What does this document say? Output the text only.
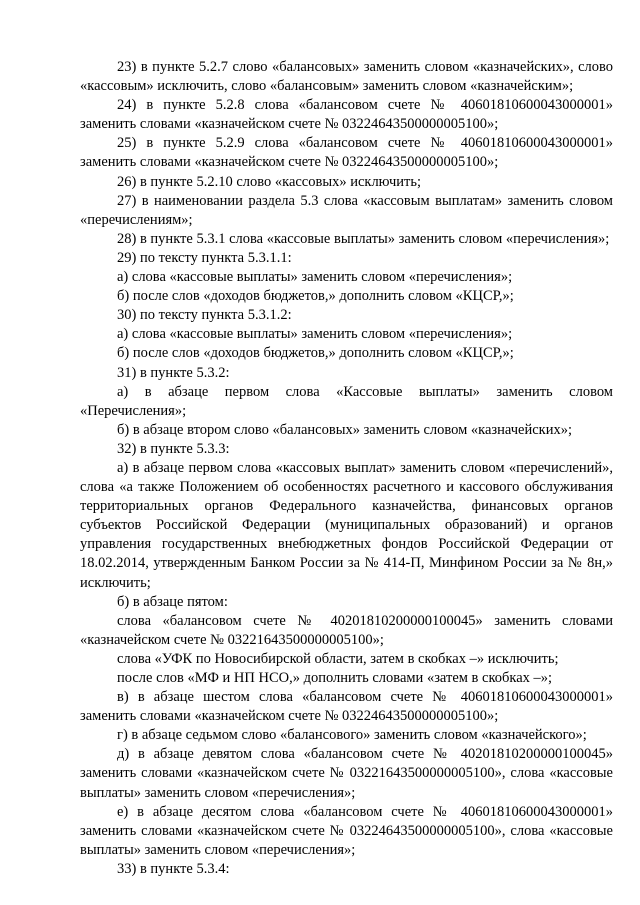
23) в пункте 5.2.7 слово «балансовых» заменить словом «казначейских», слово «кассовым» исключить, слово «балансовым» заменить словом «казначейским»;

24) в пункте 5.2.8 слова «балансовом счете № 40601810600043000001» заменить словами «казначейском счете № 03224643500000005100»;

25) в пункте 5.2.9 слова «балансовом счете № 40601810600043000001» заменить словами «казначейском счете № 03224643500000005100»;

26) в пункте 5.2.10 слово «кассовых» исключить;

27) в наименовании раздела 5.3 слова «кассовым выплатам» заменить словом «перечислениям»;

28) в пункте 5.3.1 слова «кассовые выплаты» заменить словом «перечисления»;

29) по тексту пункта 5.3.1.1:

а) слова «кассовые выплаты» заменить словом «перечисления»;

б) после слов «доходов бюджетов,» дополнить словом «КЦСР,»;

30) по тексту пункта 5.3.1.2:

а) слова «кассовые выплаты» заменить словом «перечисления»;

б) после слов «доходов бюджетов,» дополнить словом «КЦСР,»;

31) в пункте 5.3.2:

а) в абзаце первом слова «Кассовые выплаты» заменить словом «Перечисления»;

б) в абзаце втором слово «балансовых» заменить словом «казначейских»;

32) в пункте 5.3.3:

а) в абзаце первом слова «кассовых выплат» заменить словом «перечислений», слова «а также Положением об особенностях расчетного и кассового обслуживания территориальных органов Федерального казначейства, финансовых органов субъектов Российской Федерации (муниципальных образований) и органов управления государственных внебюджетных фондов Российской Федерации от 18.02.2014, утвержденным Банком России за № 414-П, Минфином России за № 8н,» исключить;

б) в абзаце пятом:

слова «балансовом счете № 40201810200000100045» заменить словами «казначейском счете № 03221643500000005100»;

слова «УФК по Новосибирской области, затем в скобках –» исключить;

после слов «МФ и НП НСО,» дополнить словами «затем в скобках –»;

в) в абзаце шестом слова «балансовом счете № 40601810600043000001» заменить словами «казначейском счете № 03224643500000005100»;

г) в абзаце седьмом слово «балансового» заменить словом «казначейского»;

д) в абзаце девятом слова «балансовом счете № 40201810200000100045» заменить словами «казначейском счете № 03221643500000005100», слова «кассовые выплаты» заменить словом «перечисления»;

е) в абзаце десятом слова «балансовом счете № 40601810600043000001» заменить словами «казначейском счете № 03224643500000005100», слова «кассовые выплаты» заменить словом «перечисления»;

33) в пункте 5.3.4:
